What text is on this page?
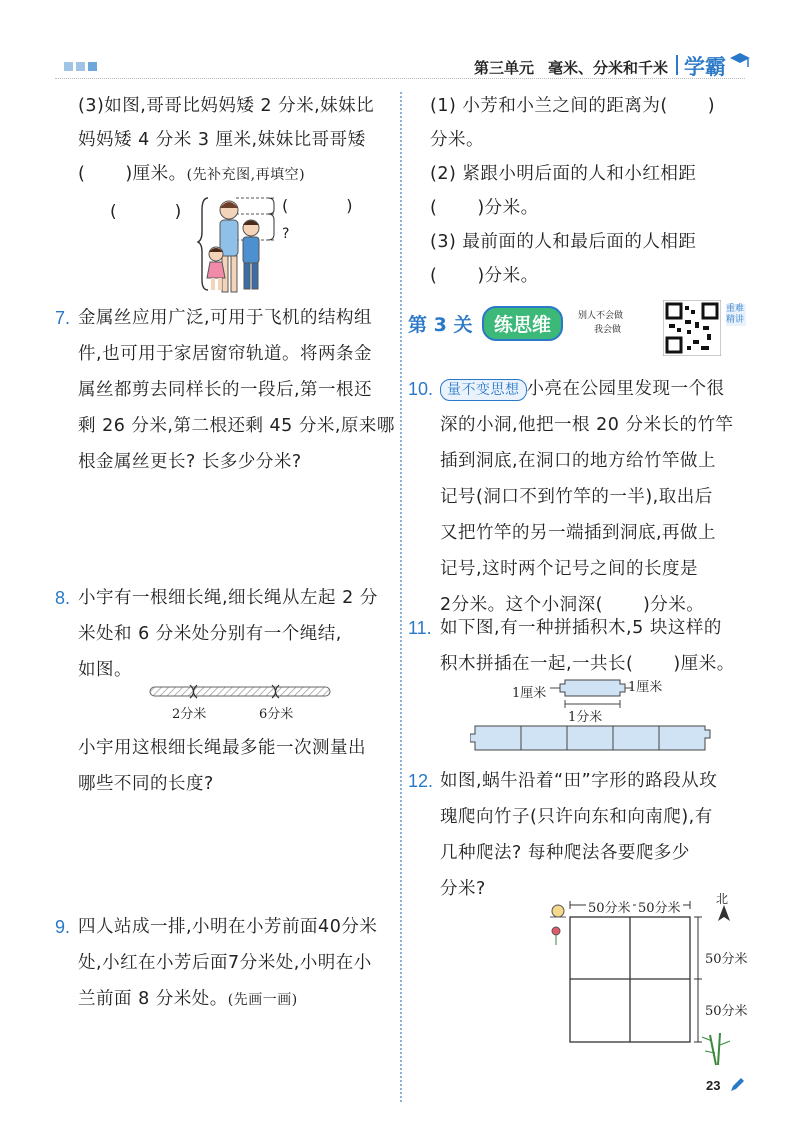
第三单元 毫米、分米和千米 学霸
(3)如图,哥哥比妈妈矮 2 分米,妹妹比
妈妈矮 4 分米 3 厘米,妹妹比哥哥矮
( )厘米。(先补充图,再填空)
(	)	(	)
?
7. 金属丝应用广泛,可用于飞机的结构组
件,也可用于家居窗帘轨道。将两条金
属丝都剪去同样长的一段后,第一根还
剩 26 分米,第二根还剩 45 分米,原来哪
根金属丝更长? 长多少分米?
8. 小宇有一根细长绳,细长绳从左起 2 分
米处和 6 分米处分别有一个绳结,
如图。
2分米	6分米
小宇用这根细长绳最多能一次测量出
哪些不同的长度?
9. 四人站成一排,小明在小芳前面40分米
处,小红在小芳后面7分米处,小明在小
兰前面 8 分米处。(先画一画)
(1) 小芳和小兰之间的距离为( )
分米。
(2) 紧跟小明后面的人和小红相距
( )分米。
(3) 最前面的人和最后面的人相距
( )分米。
第 3 关	练思维	别人不会做
我会做
重难精讲
10. 量不变思想 小亮在公园里发现一个很
深的小洞,他把一根 20 分米长的竹竿
插到洞底,在洞口的地方给竹竿做上
记号(洞口不到竹竿的一半),取出后
又把竹竿的另一端插到洞底,再做上
记号,这时两个记号之间的长度是
2分米。这个小洞深( )分米。
11. 如下图,有一种拼插积木,5 块这样的
积木拼插在一起,一共长( )厘米。
1厘米	1厘米
1分米
12. 如图,蜗牛沿着“田”字形的路段从玫
瑰爬向竹子(只许向东和向南爬),有
几种爬法? 每种爬法各要爬多少
分米?
50分米 50分米
50分米
50分米
北
23
